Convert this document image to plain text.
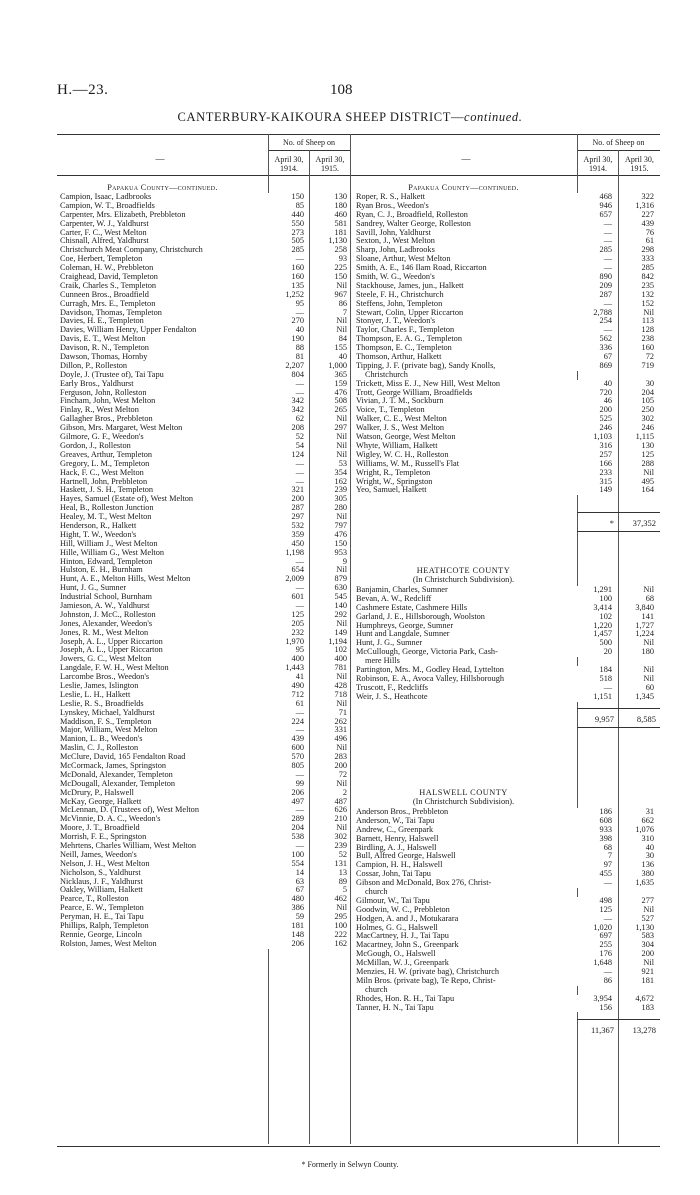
H.—23.	108
CANTERBURY-KAIKOURA SHEEP DISTRICT—continued.
—
No. of Sheep on
April 30, 1914.
April 30, 1915.
—
No. of Sheep on
April 30, 1914.
April 30, 1915.
Papakua County—continued.
Campion, Isaac, Ladbrooks	150	130
Campion, W. T., Broadfields	85	180
Carpenter, Mrs. Elizabeth, Prebbleton	440	460
Carpenter, W. J., Yaldhurst	550	581
Carter, F. C., West Melton	273	181
Chisnall, Alfred, Yaldhurst	505	1,130
Christchurch Meat Company, Christchurch	285	258
Coe, Herbert, Templeton	—	93
Coleman, H. W., Prebbleton	160	225
Craighead, David, Templeton	160	150
Craik, Charles S., Templeton	135	Nil
Cunneen Bros., Broadfield	1,252	967
Curragh, Mrs. E., Templeton	95	86
Davidson, Thomas, Templeton	—	7
Davies, H. E., Templeton	270	Nil
Davies, William Henry, Upper Fendalton	40	Nil
Davis, E. T., West Melton	190	84
Davison, R. N., Templeton	88	155
Dawson, Thomas, Hornby	81	40
Dillon, P., Rolleston	2,207	1,000
Doyle, J. (Trustee of), Tai Tapu	804	365
Early Bros., Yaldhurst	—	159
Ferguson, John, Rolleston	—	476
Fincham, John, West Melton	342	508
Finlay, R., West Melton	342	265
Gallagher Bros., Prebbleton	62	Nil
Gibson, Mrs. Margaret, West Melton	208	297
Gilmore, G. F., Weedon's	52	Nil
Gordon, J., Rolleston	54	Nil
Greaves, Arthur, Templeton	124	Nil
Gregory, L. M., Templeton	—	53
Hack, F. C., West Melton	—	354
Hartnell, John, Prebbleton	—	162
Haskett, J. S. H., Templeton	321	239
Hayes, Samuel (Estate of), West Melton	200	305
Heal, B., Rolleston Junction	287	280
Healey, M. T., West Melton	297	Nil
Henderson, R., Halkett	532	797
Hight, T. W., Weedon's	359	476
Hill, William J., West Melton	450	150
Hille, William G., West Melton	1,198	953
Hinton, Edward, Templeton	—	9
Hulston, E. H., Burnham	654	Nil
Hunt, A. E., Melton Hills, West Melton	2,009	879
Hunt, J. G., Sumner	—	630
Industrial School, Burnham	601	545
Jamieson, A. W., Yaldhurst	—	140
Johnston, J. McC., Rolleston	125	292
Jones, Alexander, Weedon's	205	Nil
Jones, R. M., West Melton	232	149
Joseph, A. L., Upper Riccarton	1,970	1,194
Joseph, A. L., Upper Riccarton	95	102
Jowers, G. C., West Melton	400	400
Langdale, F. W. H., West Melton	1,443	781
Larcombe Bros., Weedon's	41	Nil
Leslie, James, Islington	490	428
Leslie, L. H., Halkett	712	718
Leslie, R. S., Broadfields	61	Nil
Lynskey, Michael, Yaldhurst	—	71
Maddison, F. S., Templeton	224	262
Major, William, West Melton	—	331
Manion, L. B., Weedon's	439	496
Maslin, C. J., Rolleston	600	Nil
McClure, David, 165 Fendalton Road	570	283
McCormack, James, Springston	805	200
McDonald, Alexander, Templeton	—	72
McDougall, Alexander, Templeton	99	Nil
McDrury, P., Halswell	206	2
McKay, George, Halkett	497	487
McLennan, D. (Trustees of), West Melton	—	626
McVinnie, D. A. C., Weedon's	289	210
Moore, J. T., Broadfield	204	Nil
Morrish, F. E., Springston	538	302
Mehrtens, Charles William, West Melton	—	239
Neill, James, Weedon's	100	52
Nelson, J. H., West Melton	554	131
Nicholson, S., Yaldhurst	14	13
Nicklaus, J. F., Yaldhurst	63	89
Oakley, William, Halkett	67	5
Pearce, T., Rolleston	480	462
Pearce, E. W., Templeton	386	Nil
Peryman, H. E., Tai Tapu	59	295
Phillips, Ralph, Templeton	181	100
Rennie, George, Lincoln	148	222
Rolston, James, West Melton	206	162
Papakua County—continued.
Roper, R. S., Halkett	468	322
Ryan Bros., Weedon's	946	1,316
Ryan, C. J., Broadfield, Rolleston	657	227
Sandrey, Walter George, Rolleston	—	439
Savill, John, Yaldhurst	—	76
Sexton, J., West Melton	—	61
Sharp, John, Ladbrooks	285	298
Sloane, Arthur, West Melton	—	333
Smith, A. E., 146 Ilam Road, Riccarton	—	285
Smith, W. G., Weedon's	890	842
Stackhouse, James, jun., Halkett	209	235
Steele, F. H., Christchurch	287	132
Steffens, John, Templeton	—	152
Stewart, Colin, Upper Riccarton	2,788	Nil
Stonyer, J. T., Weedon's	254	113
Taylor, Charles F., Templeton	—	128
Thompson, E. A. G., Templeton	562	238
Thompson, E. C., Templeton	336	160
Thomson, Arthur, Halkett	67	72
Tipping, J. F. (private bag), Sandy Knolls,	869	719
Christchurch
Trickett, Miss E. J., New Hill, West Melton	40	30
Trott, George William, Broadfields	720	204
Vivian, J. T. M., Sockburn	46	105
Voice, T., Templeton	200	250
Walker, C. E., West Melton	525	302
Walker, J. S., West Melton	246	246
Watson, George, West Melton	1,103	1,115
Whyte, William, Halkett	316	130
Wigley, W. C. H., Rolleston	257	125
Williams, W. M., Russell's Flat	166	288
Wright, R., Templeton	233	Nil
Wright, W., Springston	315	495
Yeo, Samuel, Halkett	149	164
*	37,352
HEATHCOTE COUNTY
(In Christchurch Subdivision).
Banjamin, Charles, Sumner	1,291	Nil
Bevan, A. W., Redcliff	100	68
Cashmere Estate, Cashmere Hills	3,414	3,840
Garland, J. E., Hillsborough, Woolston	102	141
Humphreys, George, Sumner	1,220	1,727
Hunt and Langdale, Sumner	1,457	1,224
Hunt, J. G., Sumner	500	Nil
McCullough, George, Victoria Park, Cash-	20	180
mere Hills
Partington, Mrs. M., Godley Head, Lyttelton	184	Nil
Robinson, E. A., Avoca Valley, Hillsborough	518	Nil
Truscott, F., Redcliffs	—	60
Weir, J. S., Heathcote	1,151	1,345
9,957	8,585
HALSWELL COUNTY
(In Christchurch Subdivision).
Anderson Bros., Prebbleton	186	31
Anderson, W., Tai Tapu	608	662
Andrew, C., Greenpark	933	1,076
Barnett, Henry, Halswell	398	310
Birdling, A. J., Halswell	68	40
Bull, Alfred George, Halswell	7	30
Campion, H. H., Halswell	97	136
Cossar, John, Tai Tapu	455	380
Gibson and McDonald, Box 276, Christ-	—	1,635
church
Gilmour, W., Tai Tapu	498	277
Goodwin, W. C., Prebbleton	125	Nil
Hodgen, A. and J., Motukarara	—	527
Holmes, G. G., Halswell	1,020	1,130
MacCartney, H. J., Tai Tapu	697	583
Macartney, John S., Greenpark	255	304
McGough, O., Halswell	176	200
McMillan, W. J., Greenpark	1,648	Nil
Menzies, H. W. (private bag), Christchurch	—	921
Miln Bros. (private bag), Te Repo, Christ-	86	181
church
Rhodes, Hon. R. H., Tai Tapu	3,954	4,672
Tanner, H. N., Tai Tapu	156	183
11,367	13,278
* Formerly in Selwyn County.
